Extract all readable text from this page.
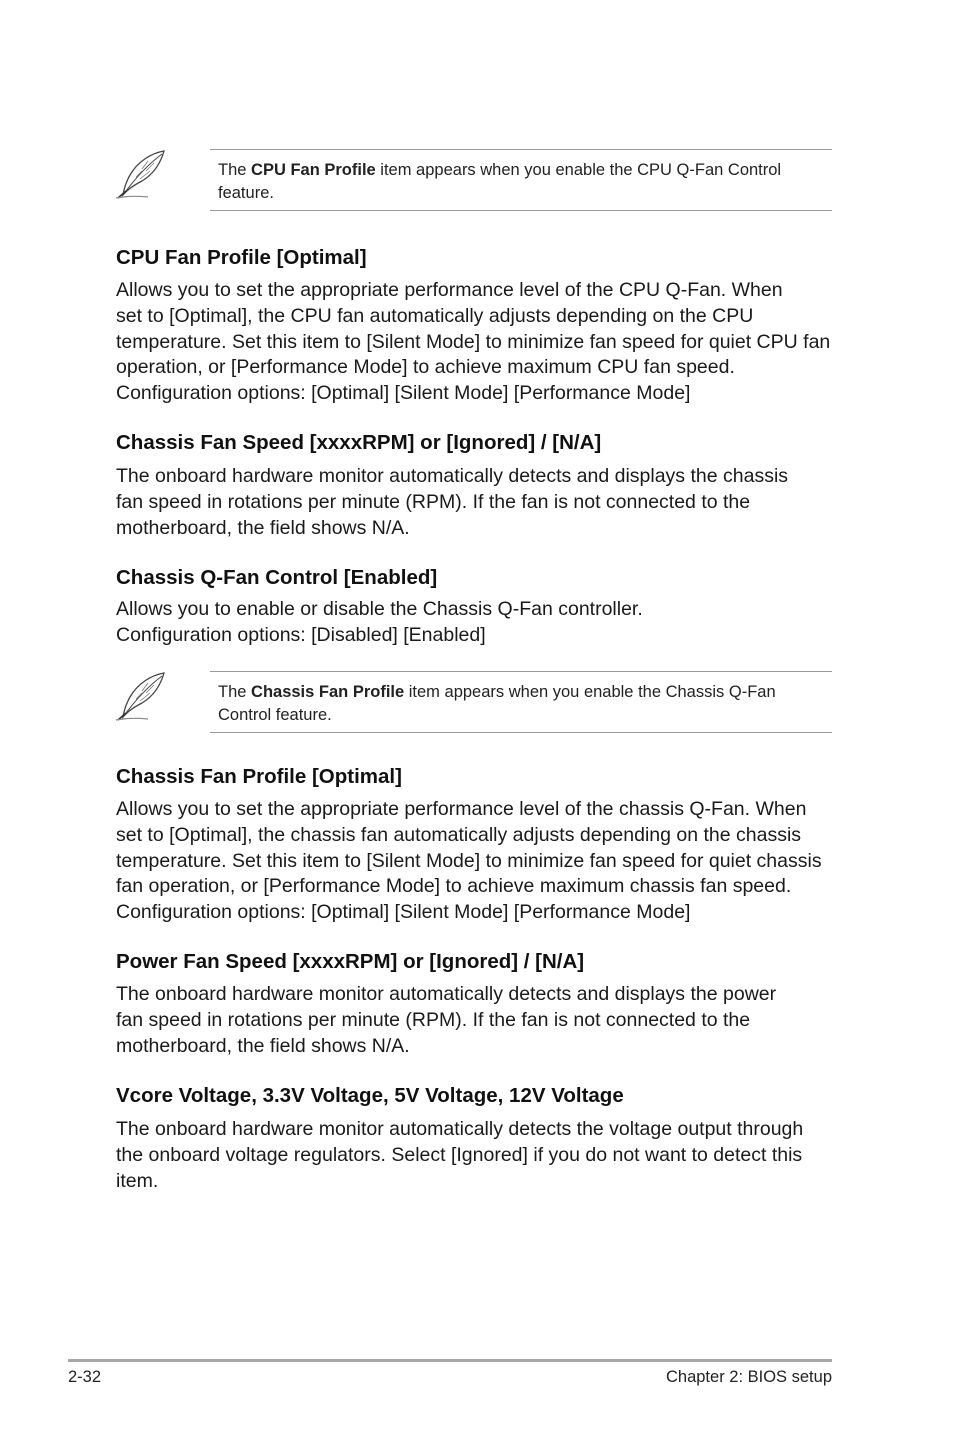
The CPU Fan Profile item appears when you enable the CPU Q-Fan Control
feature.
CPU Fan Profile [Optimal]

Allows you to set the appropriate performance level of the CPU Q-Fan. When
set to [Optimal], the CPU fan automatically adjusts depending on the CPU
temperature. Set this item to [Silent Mode] to minimize fan speed for quiet CPU fan
operation, or [Performance Mode] to achieve maximum CPU fan speed.
Configuration options: [Optimal] [Silent Mode] [Performance Mode]

Chassis Fan Speed [xxxxRPM] or [Ignored] / [N/A]

The onboard hardware monitor automatically detects and displays the chassis
fan speed in rotations per minute (RPM). If the fan is not connected to the
motherboard, the field shows N/A.

Chassis Q-Fan Control [Enabled]

Allows you to enable or disable the Chassis Q-Fan controller.
Configuration options: [Disabled] [Enabled]

The Chassis Fan Profile item appears when you enable the Chassis Q-Fan
Control feature.
Chassis Fan Profile [Optimal]

Allows you to set the appropriate performance level of the chassis Q-Fan. When
set to [Optimal], the chassis fan automatically adjusts depending on the chassis
temperature. Set this item to [Silent Mode] to minimize fan speed for quiet chassis
fan operation, or [Performance Mode] to achieve maximum chassis fan speed.
Configuration options: [Optimal] [Silent Mode] [Performance Mode]

Power Fan Speed [xxxxRPM] or [Ignored] / [N/A]

The onboard hardware monitor automatically detects and displays the power
fan speed in rotations per minute (RPM). If the fan is not connected to the
motherboard, the field shows N/A.

Vcore Voltage, 3.3V Voltage, 5V Voltage, 12V Voltage

The onboard hardware monitor automatically detects the voltage output through
the onboard voltage regulators. Select [Ignored] if you do not want to detect this
item.

2-32	Chapter 2: BIOS setup
